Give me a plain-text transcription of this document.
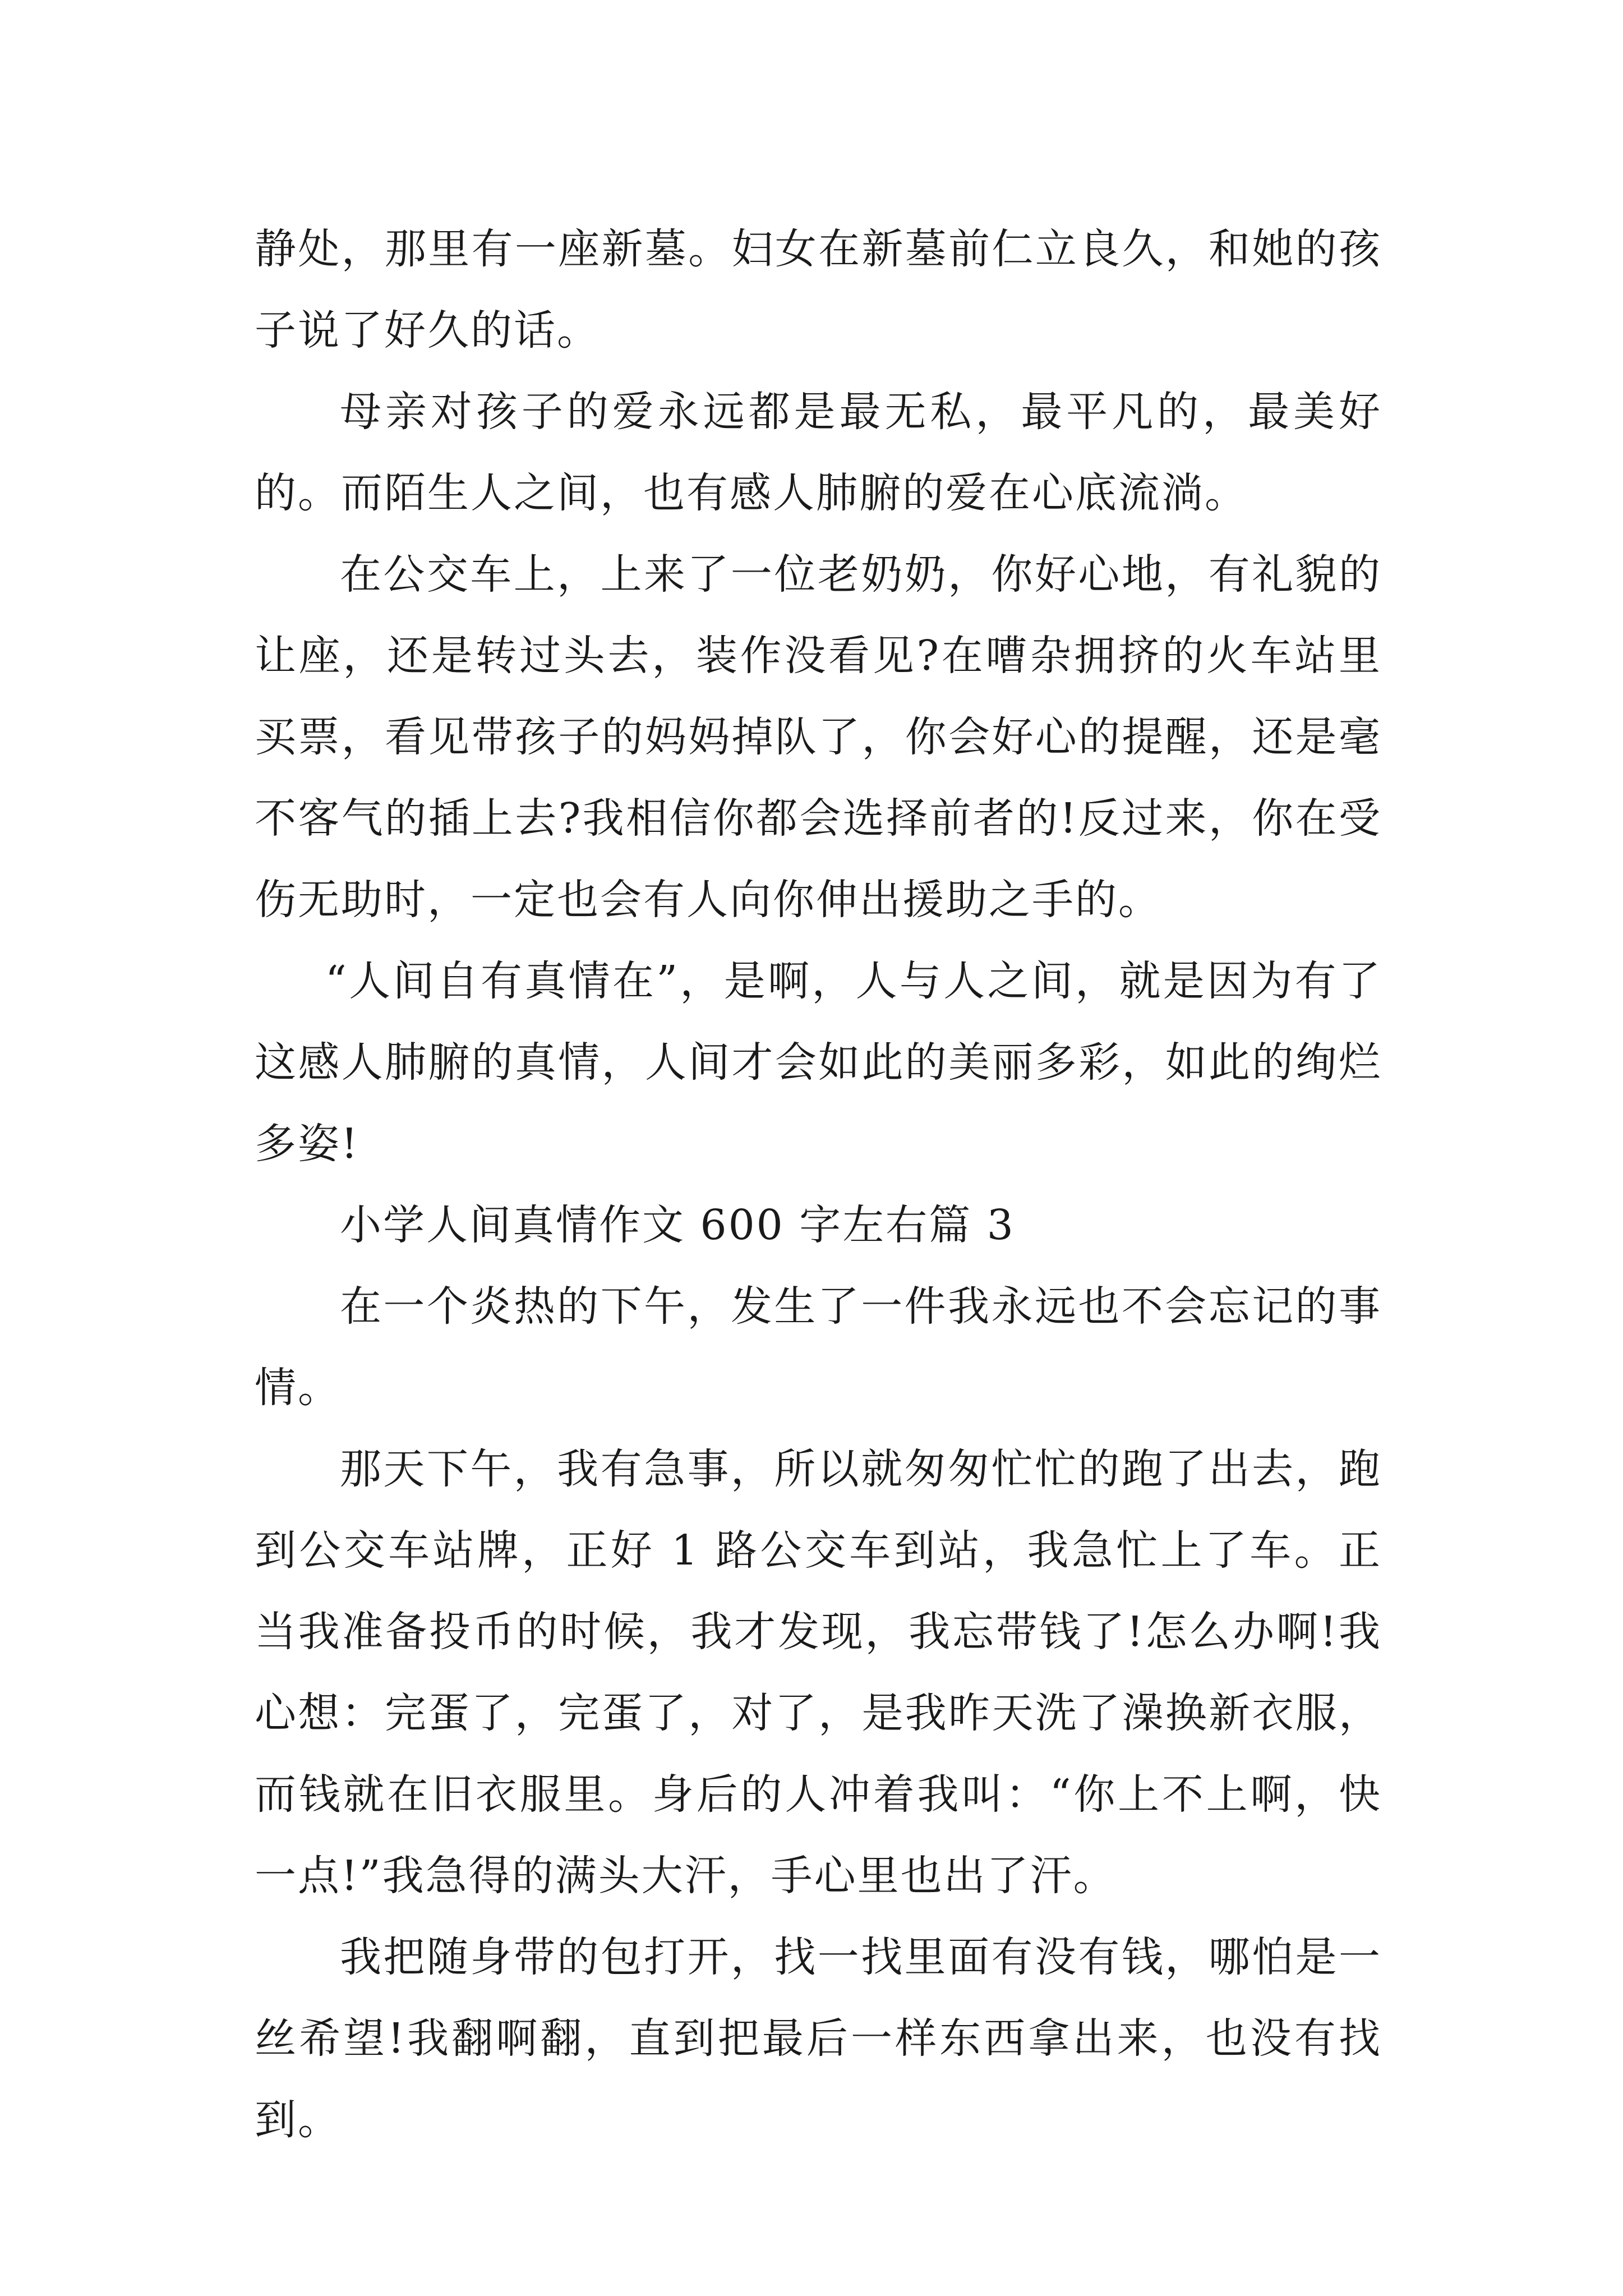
静处，那里有一座新墓。妇女在新墓前仁立良久，和她的孩子说了好久的话。

母亲对孩子的爱永远都是最无私，最平凡的，最美好的。而陌生人之间，也有感人肺腑的爱在心底流淌。

在公交车上，上来了一位老奶奶，你好心地，有礼貌的让座，还是转过头去，装作没看见?在嘈杂拥挤的火车站里买票，看见带孩子的妈妈掉队了，你会好心的提醒，还是毫不客气的插上去?我相信你都会选择前者的!反过来，你在受伤无助时，一定也会有人向你伸出援助之手的。

“人间自有真情在”，是啊，人与人之间，就是因为有了这感人肺腑的真情，人间才会如此的美丽多彩，如此的绚烂多姿!

小学人间真情作文 600 字左右篇 3

在一个炎热的下午，发生了一件我永远也不会忘记的事情。

那天下午，我有急事，所以就匆匆忙忙的跑了出去，跑到公交车站牌，正好 1 路公交车到站，我急忙上了车。正当我准备投币的时候，我才发现，我忘带钱了!怎么办啊!我心想：完蛋了，完蛋了，对了，是我昨天洗了澡换新衣服，而钱就在旧衣服里。身后的人冲着我叫：“你上不上啊，快一点!”我急得的满头大汗，手心里也出了汗。

我把随身带的包打开，找一找里面有没有钱，哪怕是一丝希望!我翻啊翻，直到把最后一样东西拿出来，也没有找到。
